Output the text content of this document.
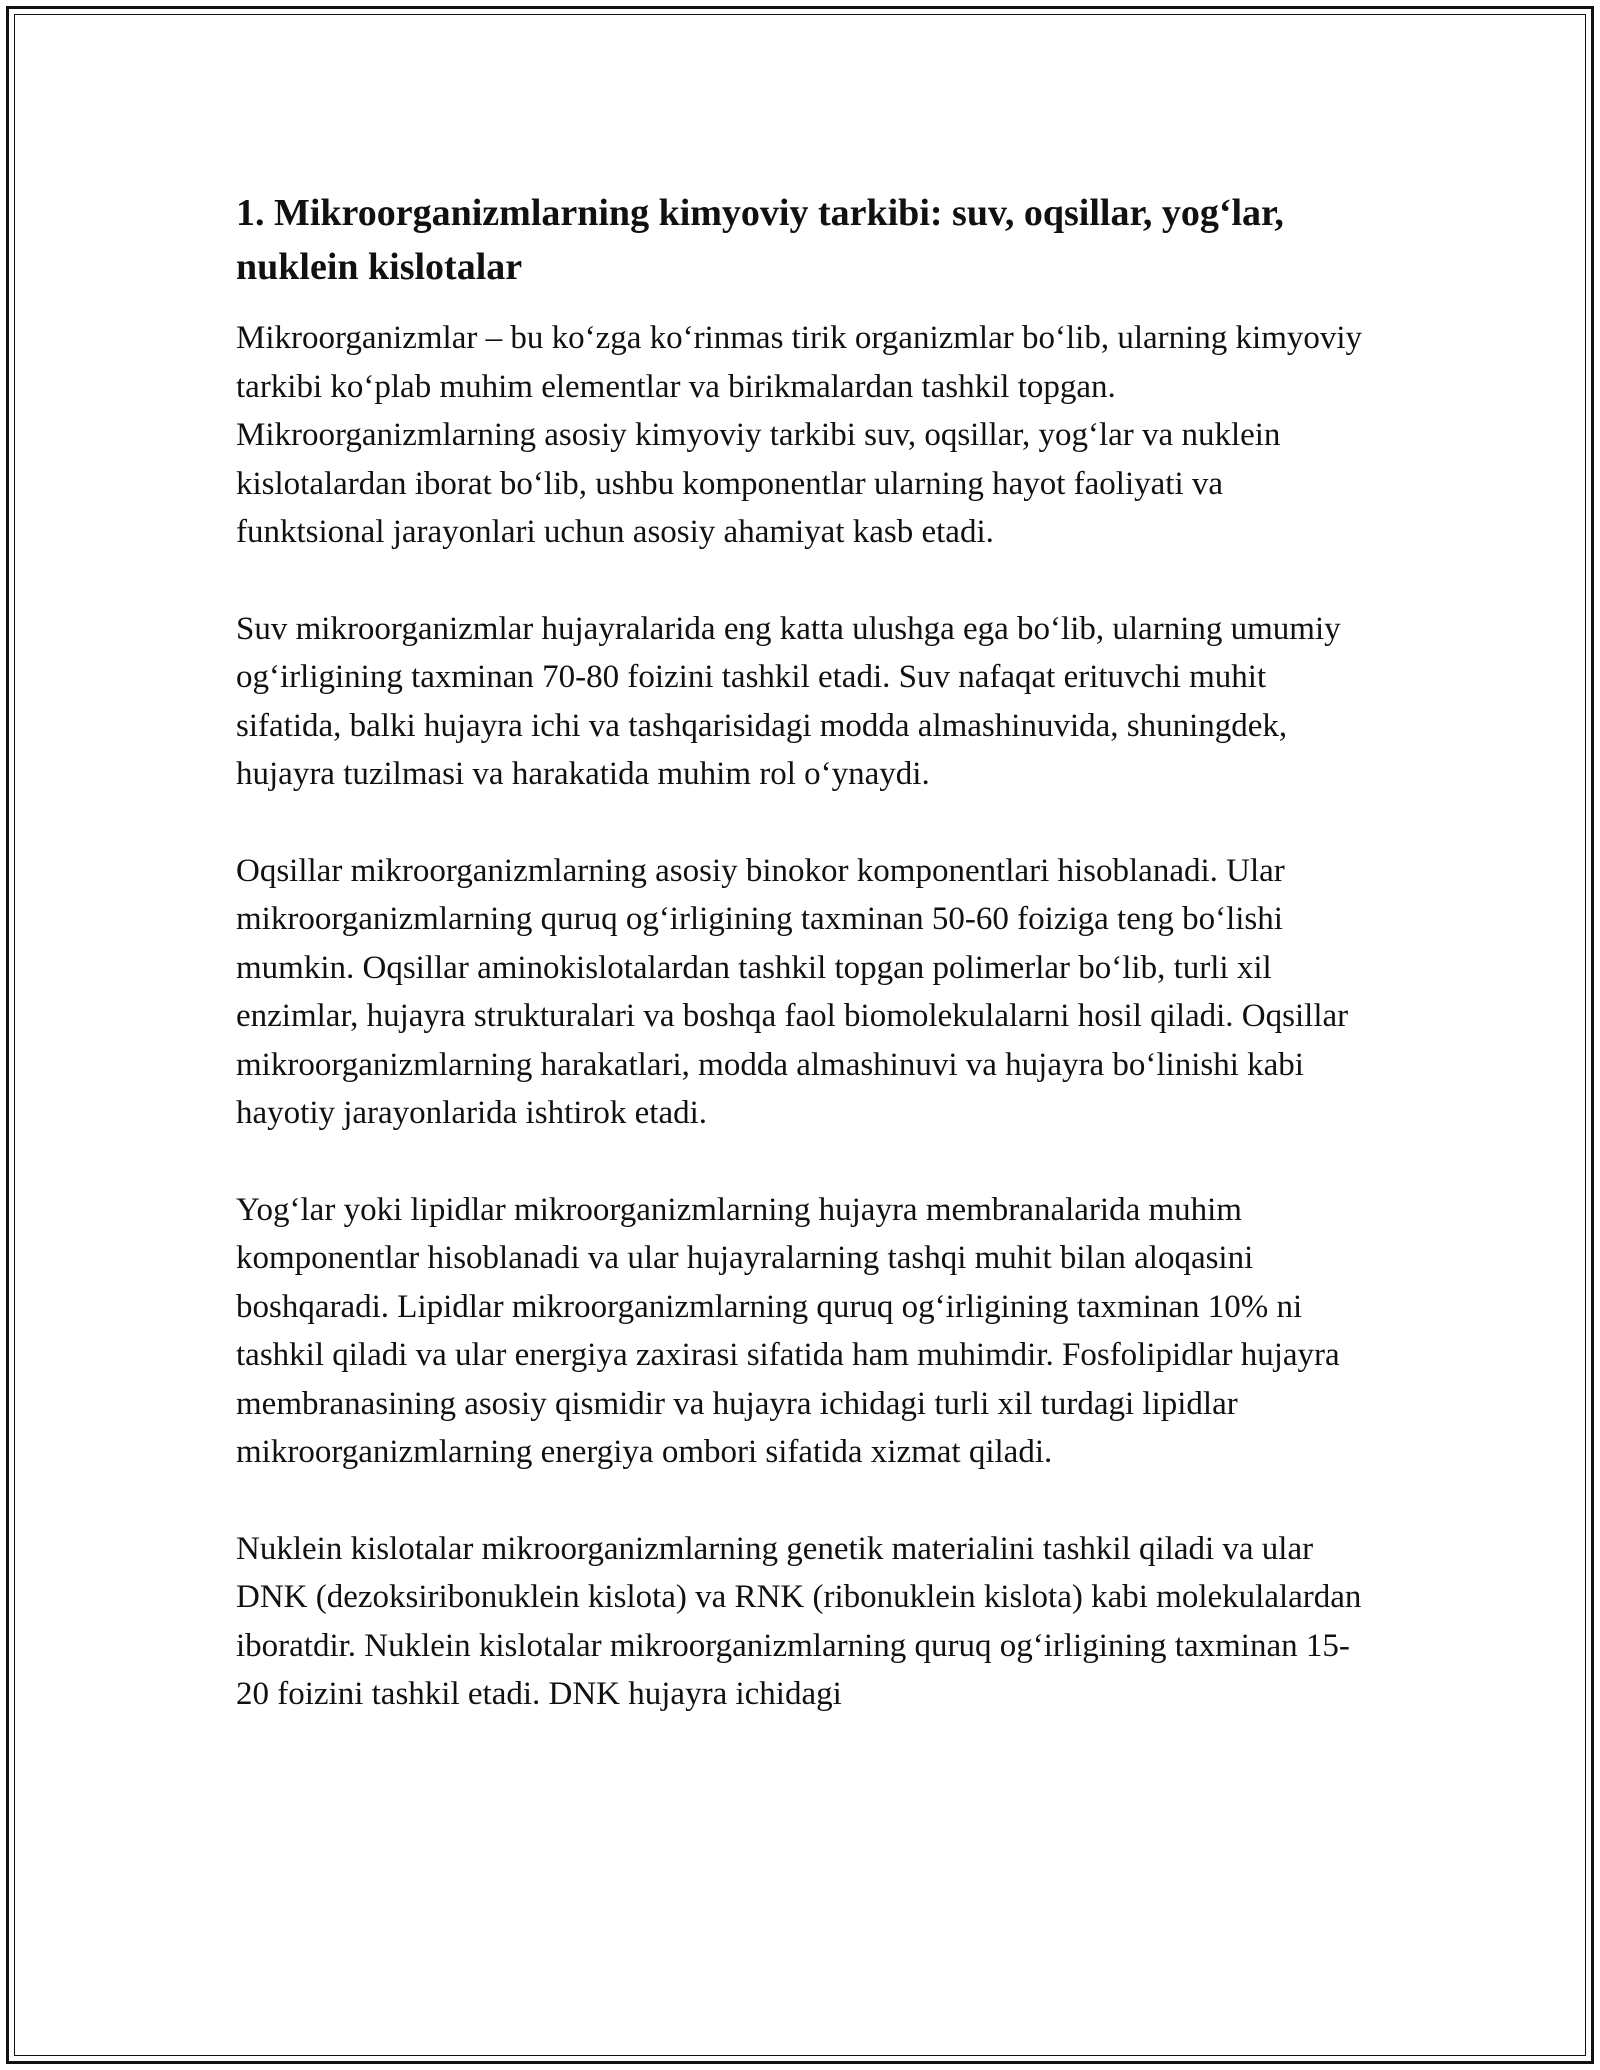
1. Mikroorganizmlarning kimyoviy tarkibi: suv, oqsillar, yog‘lar, nuklein kislotalar

Mikroorganizmlar – bu ko‘zga ko‘rinmas tirik organizmlar bo‘lib, ularning kimyoviy tarkibi ko‘plab muhim elementlar va birikmalardan tashkil topgan. Mikroorganizmlarning asosiy kimyoviy tarkibi suv, oqsillar, yog‘lar va nuklein kislotalardan iborat bo‘lib, ushbu komponentlar ularning hayot faoliyati va funktsional jarayonlari uchun asosiy ahamiyat kasb etadi.

Suv mikroorganizmlar hujayralarida eng katta ulushga ega bo‘lib, ularning umumiy og‘irligining taxminan 70-80 foizini tashkil etadi. Suv nafaqat erituvchi muhit sifatida, balki hujayra ichi va tashqarisidagi modda almashinuvida, shuningdek, hujayra tuzilmasi va harakatida muhim rol o‘ynaydi.

Oqsillar mikroorganizmlarning asosiy binokor komponentlari hisoblanadi. Ular mikroorganizmlarning quruq og‘irligining taxminan 50-60 foiziga teng bo‘lishi mumkin. Oqsillar aminokislotalardan tashkil topgan polimerlar bo‘lib, turli xil enzimlar, hujayra strukturalari va boshqa faol biomolekulalarni hosil qiladi. Oqsillar mikroorganizmlarning harakatlari, modda almashinuvi va hujayra bo‘linishi kabi hayotiy jarayonlarida ishtirok etadi.

Yog‘lar yoki lipidlar mikroorganizmlarning hujayra membranalarida muhim komponentlar hisoblanadi va ular hujayralarning tashqi muhit bilan aloqasini boshqaradi. Lipidlar mikroorganizmlarning quruq og‘irligining taxminan 10% ni tashkil qiladi va ular energiya zaxirasi sifatida ham muhimdir. Fosfolipidlar hujayra membranasining asosiy qismidir va hujayra ichidagi turli xil turdagi lipidlar mikroorganizmlarning energiya ombori sifatida xizmat qiladi.

Nuklein kislotalar mikroorganizmlarning genetik materialini tashkil qiladi va ular DNK (dezoksiribonuklein kislota) va RNK (ribonuklein kislota) kabi molekulalardan iboratdir. Nuklein kislotalar mikroorganizmlarning quruq og‘irligining taxminan 15-20 foizini tashkil etadi. DNK hujayra ichidagi
